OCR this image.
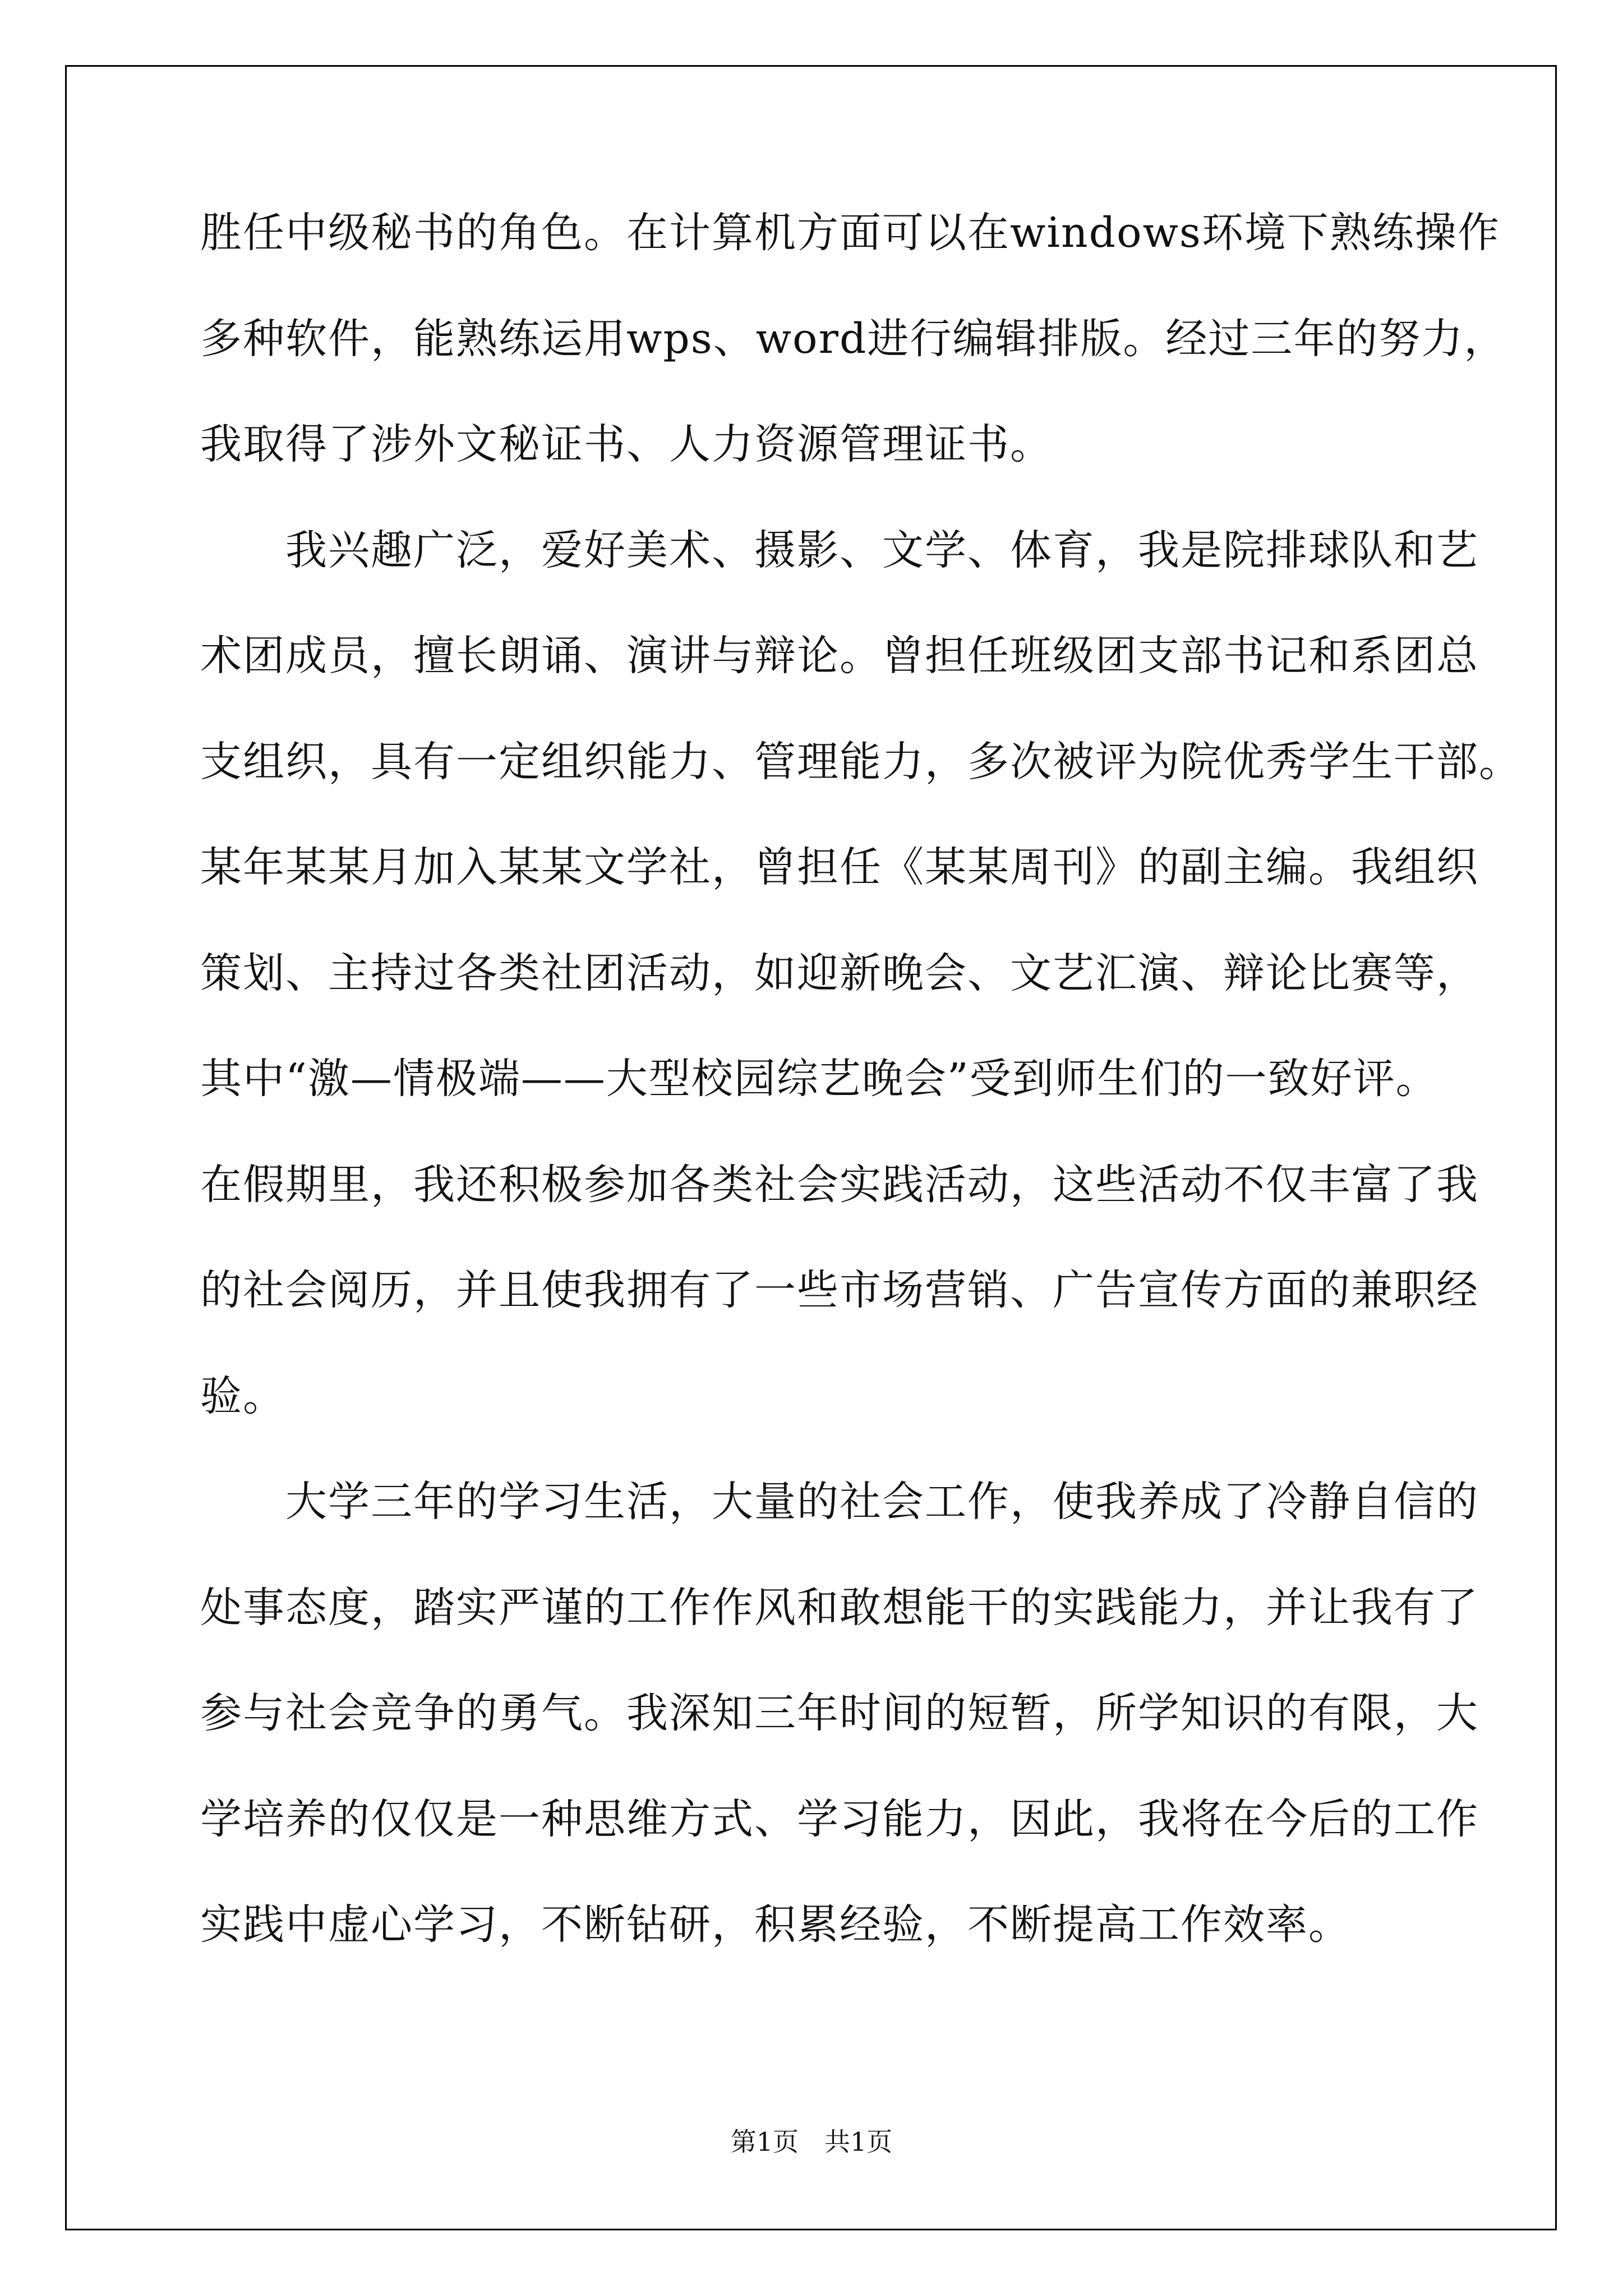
胜任中级秘书的角色。在计算机方面可以在windows环境下熟练操作
多种软件，能熟练运用wps、word进行编辑排版。经过三年的努力，
我取得了涉外文秘证书、人力资源管理证书。
　　我兴趣广泛，爱好美术、摄影、文学、体育，我是院排球队和艺
术团成员，擅长朗诵、演讲与辩论。曾担任班级团支部书记和系团总
支组织，具有一定组织能力、管理能力，多次被评为院优秀学生干部。
某年某某月加入某某文学社，曾担任《某某周刊》的副主编。我组织
策划、主持过各类社团活动，如迎新晚会、文艺汇演、辩论比赛等，
其中“激—情极端——大型校园综艺晚会”受到师生们的一致好评。
在假期里，我还积极参加各类社会实践活动，这些活动不仅丰富了我
的社会阅历，并且使我拥有了一些市场营销、广告宣传方面的兼职经
验。
　　大学三年的学习生活，大量的社会工作，使我养成了冷静自信的
处事态度，踏实严谨的工作作风和敢想能干的实践能力，并让我有了
参与社会竞争的勇气。我深知三年时间的短暂，所学知识的有限，大
学培养的仅仅是一种思维方式、学习能力，因此，我将在今后的工作
实践中虚心学习，不断钻研，积累经验，不断提高工作效率。
第1页　共1页
